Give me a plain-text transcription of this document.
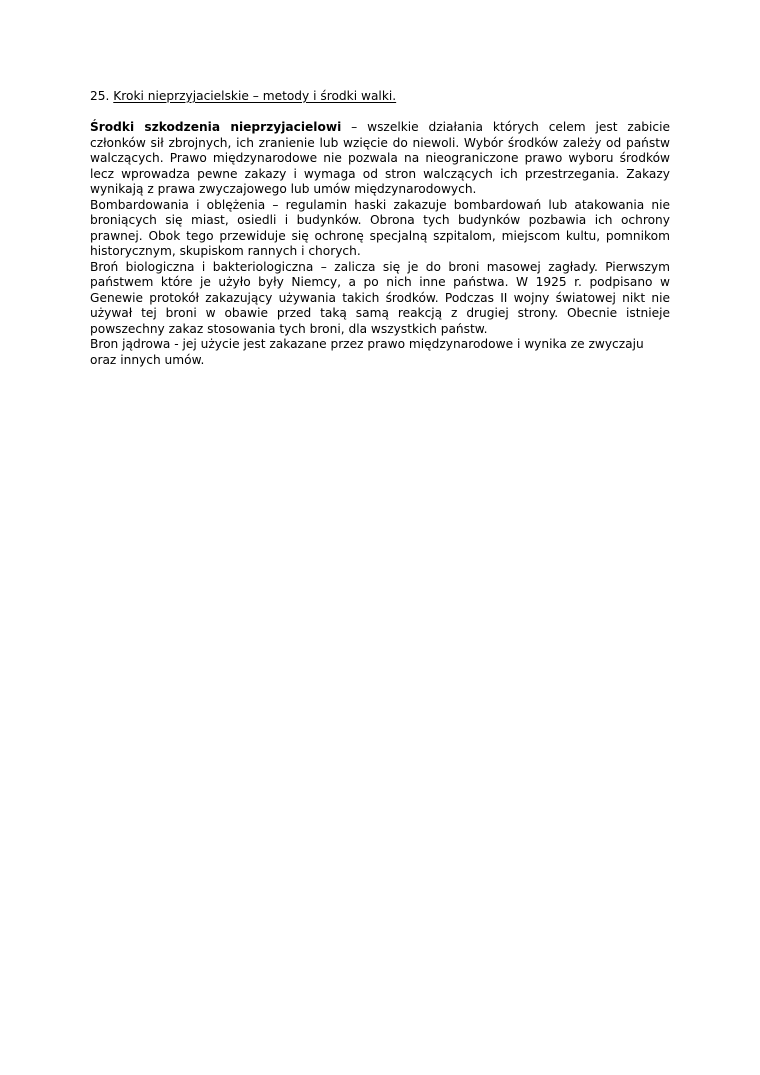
25. Kroki nieprzyjacielskie – metody i środki walki.

Środki szkodzenia nieprzyjacielowi – wszelkie działania których celem jest zabicie członków sił zbrojnych, ich zranienie lub wzięcie do niewoli. Wybór środków zależy od państw walczących. Prawo międzynarodowe nie pozwala na nieograniczone prawo wyboru środków lecz wprowadza pewne zakazy i wymaga od stron walczących ich przestrzegania. Zakazy wynikają z prawa zwyczajowego lub umów międzynarodowych.

Bombardowania i oblężenia – regulamin haski zakazuje bombardowań lub atakowania nie broniących się miast, osiedli i budynków. Obrona tych budynków pozbawia ich ochrony prawnej. Obok tego przewiduje się ochronę specjalną szpitalom, miejscom kultu, pomnikom historycznym, skupiskom rannych i chorych.

Broń biologiczna i bakteriologiczna – zalicza się je do broni masowej zagłady. Pierwszym państwem które je użyło były Niemcy, a po nich inne państwa. W 1925 r. podpisano w Genewie protokół zakazujący używania takich środków. Podczas II wojny światowej nikt nie używał tej broni w obawie przed taką samą reakcją z drugiej strony. Obecnie istnieje powszechny zakaz stosowania tych broni, dla wszystkich państw.

Bron jądrowa - jej użycie jest zakazane przez prawo międzynarodowe i wynika ze zwyczaju oraz innych umów.
